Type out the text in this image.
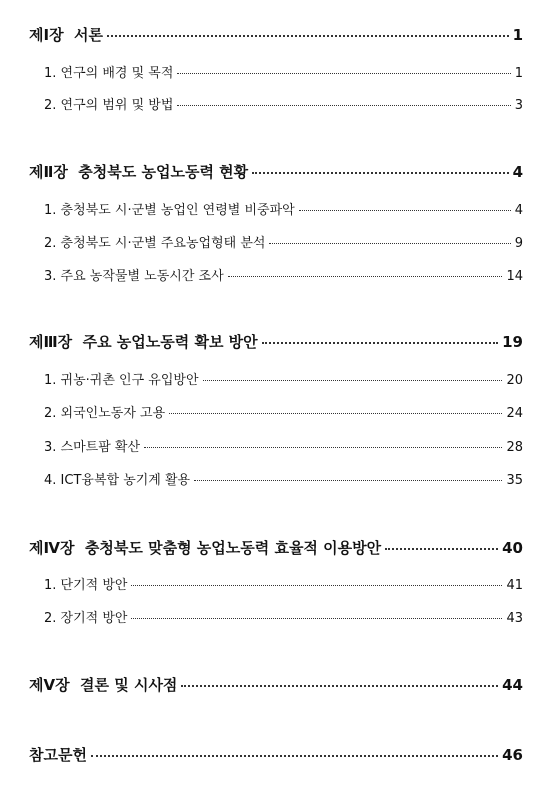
제Ⅰ장  서론	1
1. 연구의 배경 및 목적	1
2. 연구의 범위 및 방법	3
제Ⅱ장  충청북도 농업노동력 현황	4
1. 충청북도 시·군별 농업인 연령별 비중파악	4
2. 충청북도 시·군별 주요농업형태 분석	9
3. 주요 농작물별 노동시간 조사	14
제Ⅲ장  주요 농업노동력 확보 방안	19
1. 귀농·귀촌 인구 유입방안	20
2. 외국인노동자 고용	24
3. 스마트팜 확산	28
4. ICT융복합 농기계 활용	35
제Ⅳ장  충청북도 맞춤형 농업노동력 효율적 이용방안	40
1. 단기적 방안	41
2. 장기적 방안	43
제Ⅴ장  결론 및 시사점	44
참고문헌	46
